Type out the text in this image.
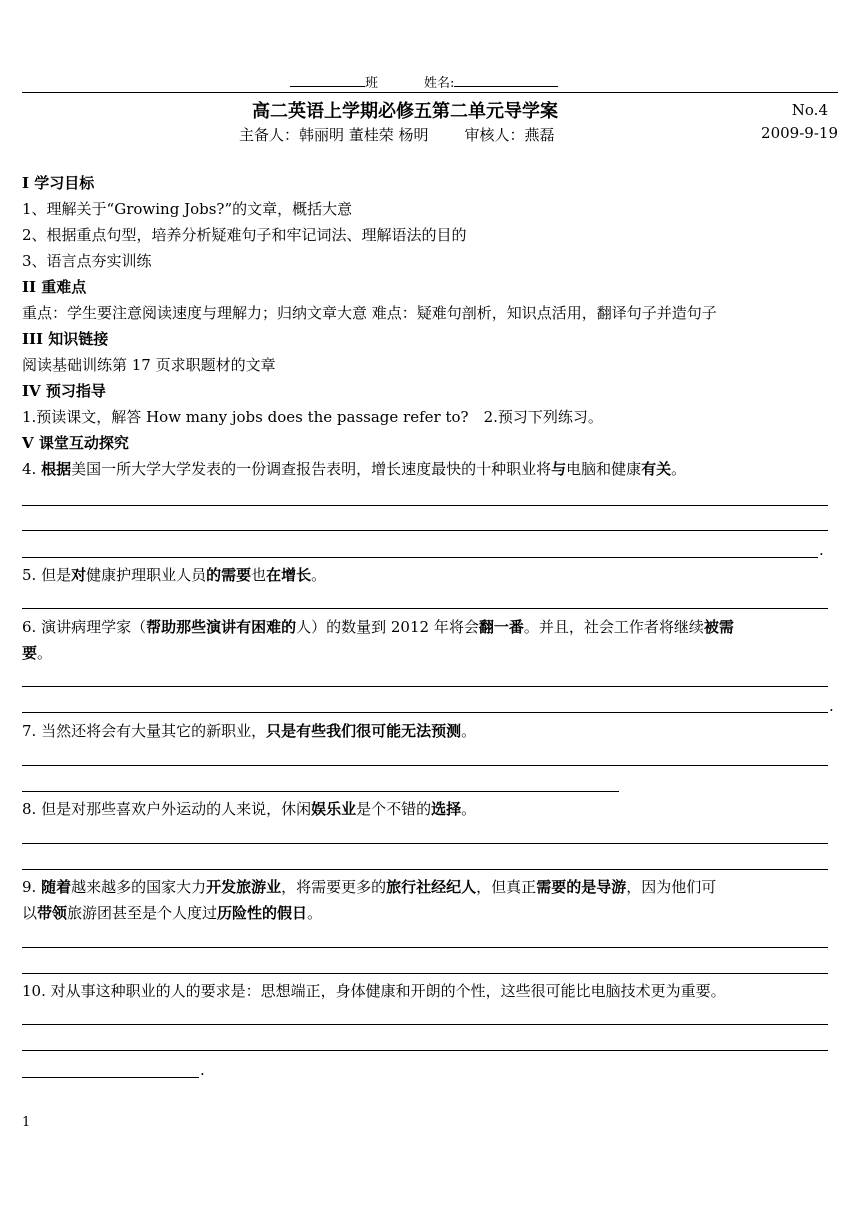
班	姓名:
高二英语上学期必修五第二单元导学案	No.4
主备人：韩丽明 董桂荣 杨明 审核人：燕磊	2009-9-19
I 学习目标
1、理解关于“Growing Jobs?”的文章，概括大意
2、根据重点句型，培养分析疑难句子和牢记词法、理解语法的目的
3、语言点夯实训练
II 重难点
重点：学生要注意阅读速度与理解力；归纳文章大意 难点：疑难句剖析，知识点活用，翻译句子并造句子
III 知识链接
阅读基础训练第 17 页求职题材的文章
IV 预习指导
1.预读课文，解答 How many jobs does the passage refer to?　2.预习下列练习。
V 课堂互动探究
4. 根据美国一所大学大学发表的一份调查报告表明，增长速度最快的十种职业将与电脑和健康有关。
.
5. 但是对健康护理职业人员的需要也在增长。
6. 演讲病理学家（帮助那些演讲有困难的人）的数量到 2012 年将会翻一番。并且，社会工作者将继续被需
要。
.
7. 当然还将会有大量其它的新职业，只是有些我们很可能无法预测。
8. 但是对那些喜欢户外运动的人来说，休闲娱乐业是个不错的选择。
9. 随着越来越多的国家大力开发旅游业，将需要更多的旅行社经纪人，但真正需要的是导游，因为他们可
以带领旅游团甚至是个人度过历险性的假日。
10. 对从事这种职业的人的要求是：思想端正，身体健康和开朗的个性，这些很可能比电脑技术更为重要。
.
1
